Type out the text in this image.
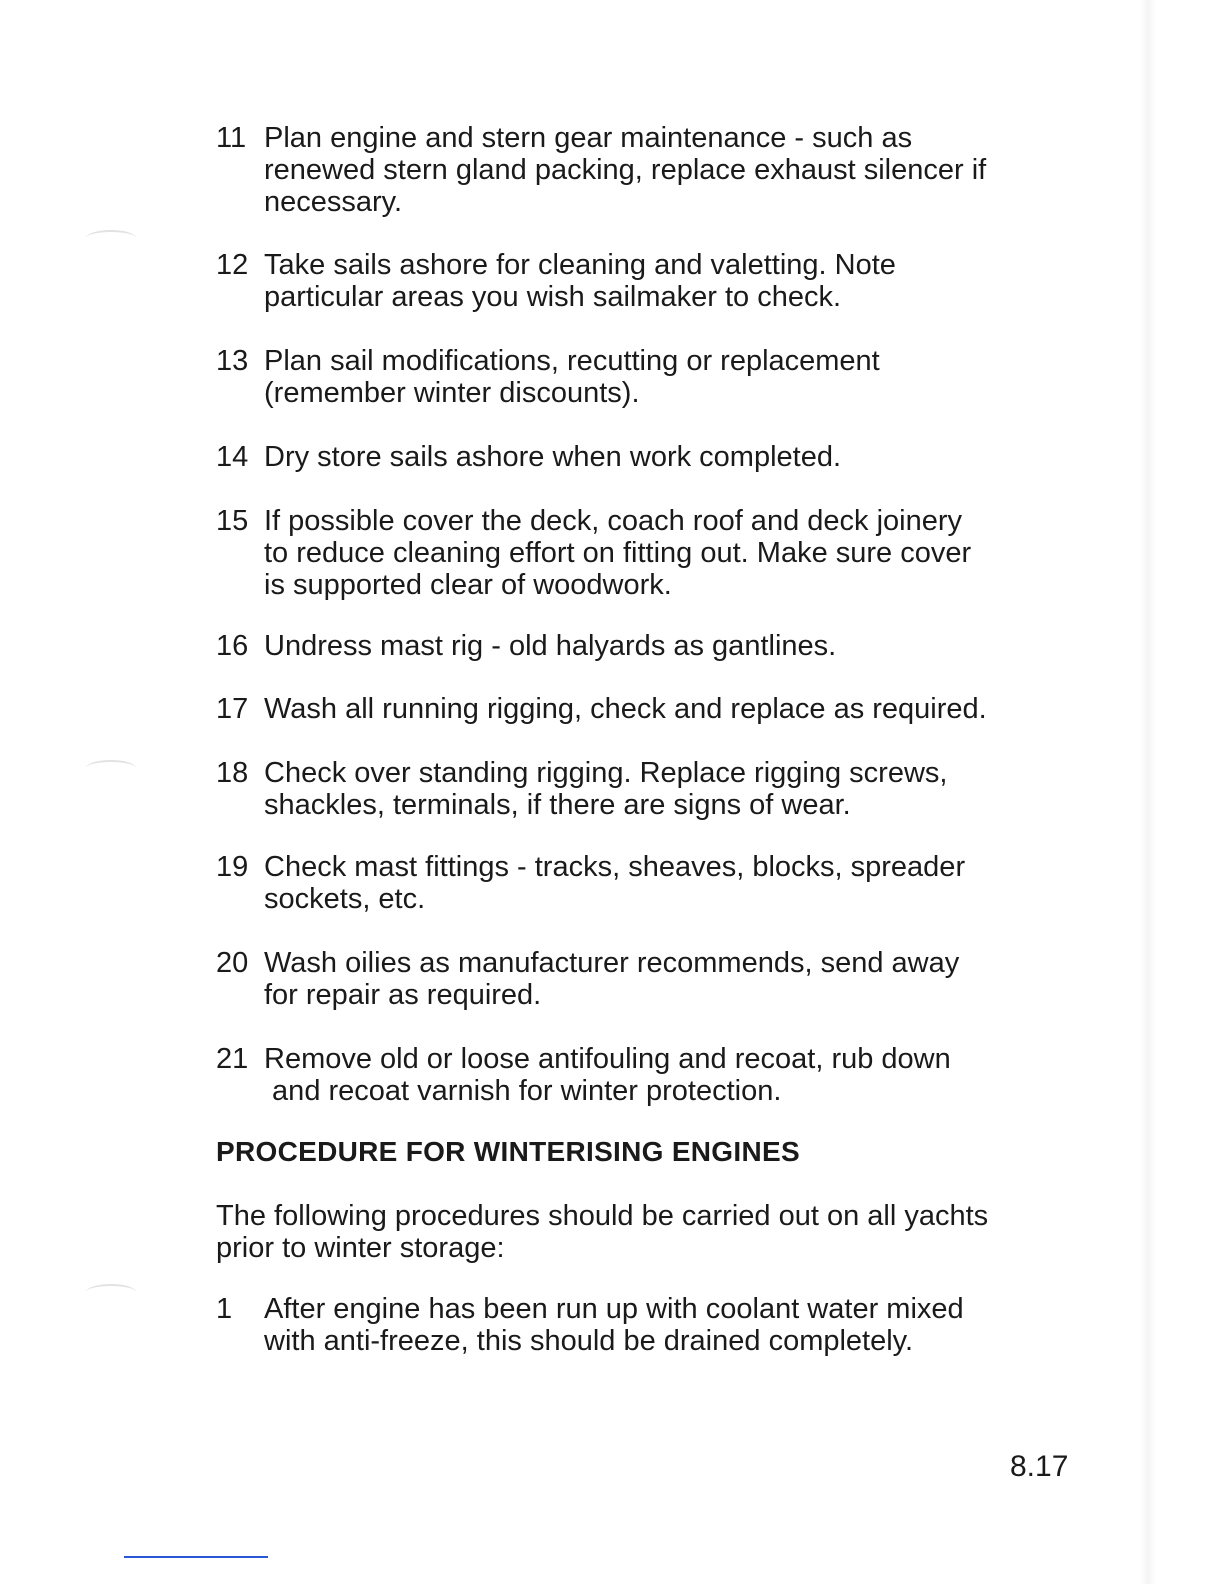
11 Plan engine and stern gear maintenance - such as
renewed stern gland packing, replace exhaust silencer if
necessary.
12 Take sails ashore for cleaning and valetting. Note
particular areas you wish sailmaker to check.
13 Plan sail modifications, recutting or replacement
(remember winter discounts).
14 Dry store sails ashore when work completed.
15 If possible cover the deck, coach roof and deck joinery
to reduce cleaning effort on fitting out. Make sure cover
is supported clear of woodwork.
16 Undress mast rig - old halyards as gantlines.
17 Wash all running rigging, check and replace as required.
18 Check over standing rigging. Replace rigging screws,
shackles, terminals, if there are signs of wear.
19 Check mast fittings - tracks, sheaves, blocks, spreader
sockets, etc.
20 Wash oilies as manufacturer recommends, send away
for repair as required.
21 Remove old or loose antifouling and recoat, rub down
and recoat varnish for winter protection.
PROCEDURE FOR WINTERISING ENGINES
The following procedures should be carried out on all yachts
prior to winter storage:
1	After engine has been run up with coolant water mixed
with anti-freeze, this should be drained completely.
8.17
